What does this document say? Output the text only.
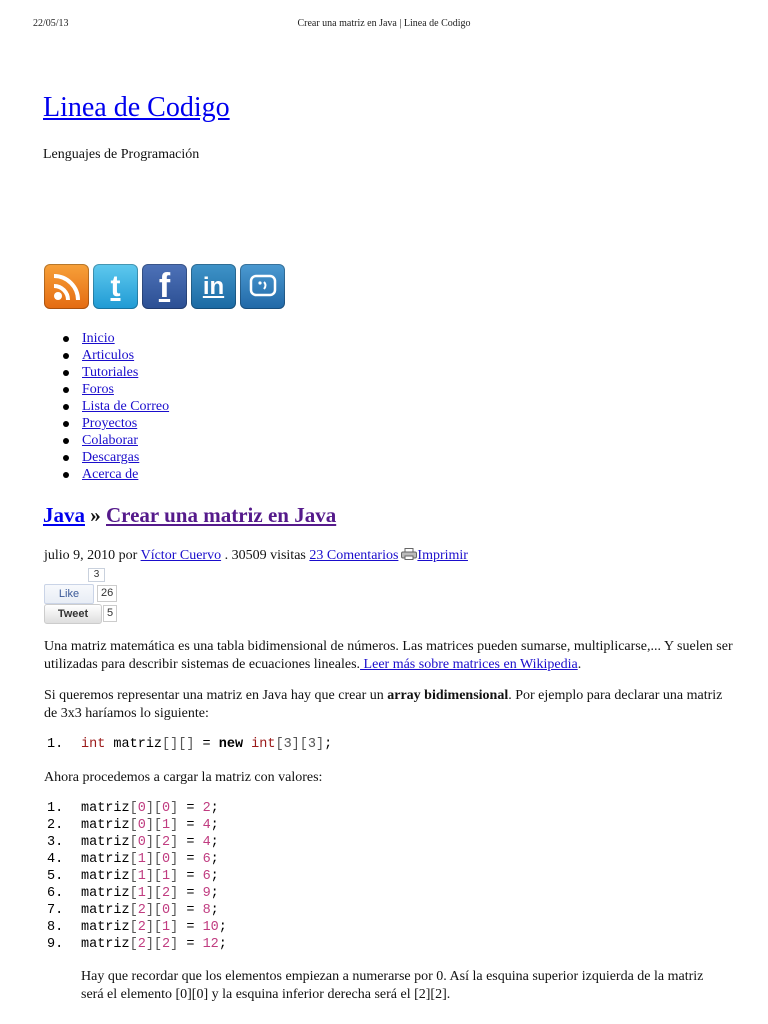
22/05/13	Crear una matriz en Java | Linea de Codigo
Linea de Codigo
Lenguajes de Programación
t	f	in
Inicio
Articulos
Tutoriales
Foros
Lista de Correo
Proyectos
Colaborar
Descargas
Acerca de
Java » Crear una matriz en Java
julio 9, 2010 por Víctor Cuervo . 30509 visitas 23 Comentarios Imprimir
3
Like	26
Tweet	5

Una matriz matemática es una tabla bidimensional de números. Las matrices pueden sumarse, multiplicarse,... Y suelen ser utilizadas para describir sistemas de ecuaciones lineales. Leer más sobre matrices en Wikipedia.

Si queremos representar una matriz en Java hay que crear un array bidimensional. Por ejemplo para declarar una matriz de 3x3 haríamos lo siguiente:

1. int matriz[][] = new int[3][3];

Ahora procedemos a cargar la matriz con valores:

1. matriz[0][0] = 2;
2. matriz[0][1] = 4;
3. matriz[0][2] = 4;
4. matriz[1][0] = 6;
5. matriz[1][1] = 6;
6. matriz[1][2] = 9;
7. matriz[2][0] = 8;
8. matriz[2][1] = 10;
9. matriz[2][2] = 12;

Hay que recordar que los elementos empiezan a numerarse por 0. Así la esquina superior izquierda de la matriz será el elemento [0][0] y la esquina inferior derecha será el [2][2].
